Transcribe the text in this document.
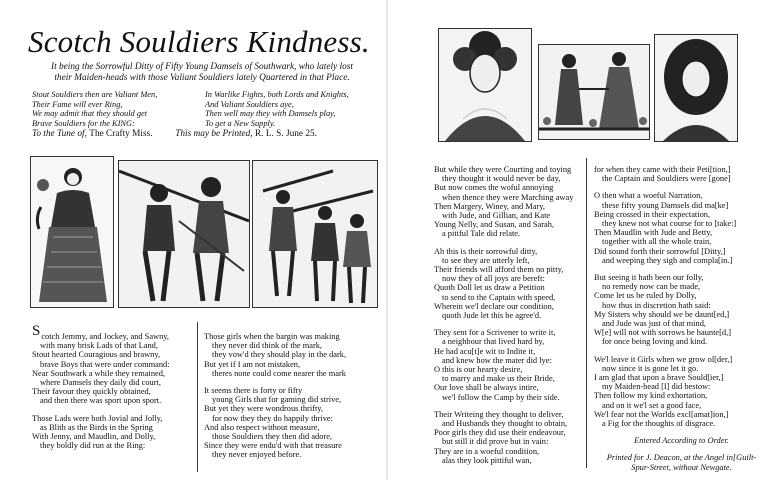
Scotch Souldiers Kindness.
It being the Sorrowful Ditty of Fifty Young Damsels of Southwark, who lately lost
their Maiden-heads with those Valiant Souldiers lately Quartered in that Place.
Stout Souldiers then are Valiant Men,
Their Fame will ever Ring,
We may admit that they should get
Brave Souldiers for the KING:
In Warlike Fights, both Lords and Knights,
And Valiant Souldiers aye,
Then well may they with Damsels play,
To get a New Supply.
To the Tune of, The Crafty Miss. This may be Printed, R. L. S. June 25.

S cotch Jemmy, and Jockey, and Sawny,
with many brisk Lads of that Land,
Stout hearted Couragious and brawny,
brave Boys that were under command:
Near Southwark a while they remained,
where Damsels they daily did court,
Their favour they quickly obtained,
and then there was sport upon sport.

Those Lads were both Jovial and Jolly,
as Blith as the Birds in the Spring
With Jenny, and Maudlin, and Dolly,
they boldly did run at the Ring:

Those girls when the bargin was making
they never did think of the mark,
they vow'd they should play in the dark,
But yet if I am not mistaken,
theres none could come nearer the mark

It seems there is forty or fifty
young Girls that for gaming did strive,
But yet they were wondrous thrifty,
for now they they do happily thrive:
And also respect without measure,
those Souldiers they then did adore,
Since they were endu'd with that treasure
they never enjoyed before.

But while they were Courting and toying
they thought it would never be day,
But now comes the woful annoying
when thence they were Marching away
Then Margery, Winey, and Mary,
with Jude, and Gillian, and Kate
Young Nelly, and Susan, and Sarah,
a pitiful Tale did relate.

Ah this is their sorrowful ditty,
to see they are utterly left,
Their friends will afford them no pitty,
now they of all joys are bereft:
Quoth Doll let us draw a Petition
to send to the Captain with speed,
Wherein we'l declare our condition,
quoth Jude let this be agree'd.

They sent for a Scrivener to write it,
a neighbour that lived hard by,
He had acu[t]e wit to Indite it,
and knew how the mater did lye:
O this is our hearty desire,
to marry and make us their Bride,
Our love shall be always intire,
we'l follow the Camp by their side.

Their Writeing they thought to deliver,
and Husbands they thought to obtain,
Poor girls they did use their endeavour,
but still it did prove but in vain:
They are in a woeful condition,
alas they look pittiful wan,

for when they came with their Peti[tion,]
the Captain and Souldiers were [gone]

O then what a woeful Narration,
these fifty young Damsels did ma[ke]
Being crossed in their expectation,
they knew not what course for to [take:]
Then Maudlin with Jude and Betty,
together with all the whole train,
Did sound forth their sorrowful [Ditty,]
and weeping they sigh and compla[in.]

But seeing it hath been our folly,
no remedy now can be made,
Come let us be ruled by Dolly,
how thus in discretion hath said:
My Sisters why should we be daunt[ed,]
and Jude was just of that mind,
W[e] will not with sorrows be haunte[d,]
for once being loving and kind.

We'l leave it Girls when we grow ol[der,]
now since it is gone let it go.
I am glad that upon a brave Sould[ier,]
my Maiden-head [I] did bestow:
Then follow my kind exhortation,
and on it we'l set a good face,
We'l fear not the Worlds excl[amat]ion,]
a Fig for the thoughts of disgrace.

Entered According to Order.

Printed for J. Deacon, at the Angel in[Guilt-
Spur-Street, without Newgate.
